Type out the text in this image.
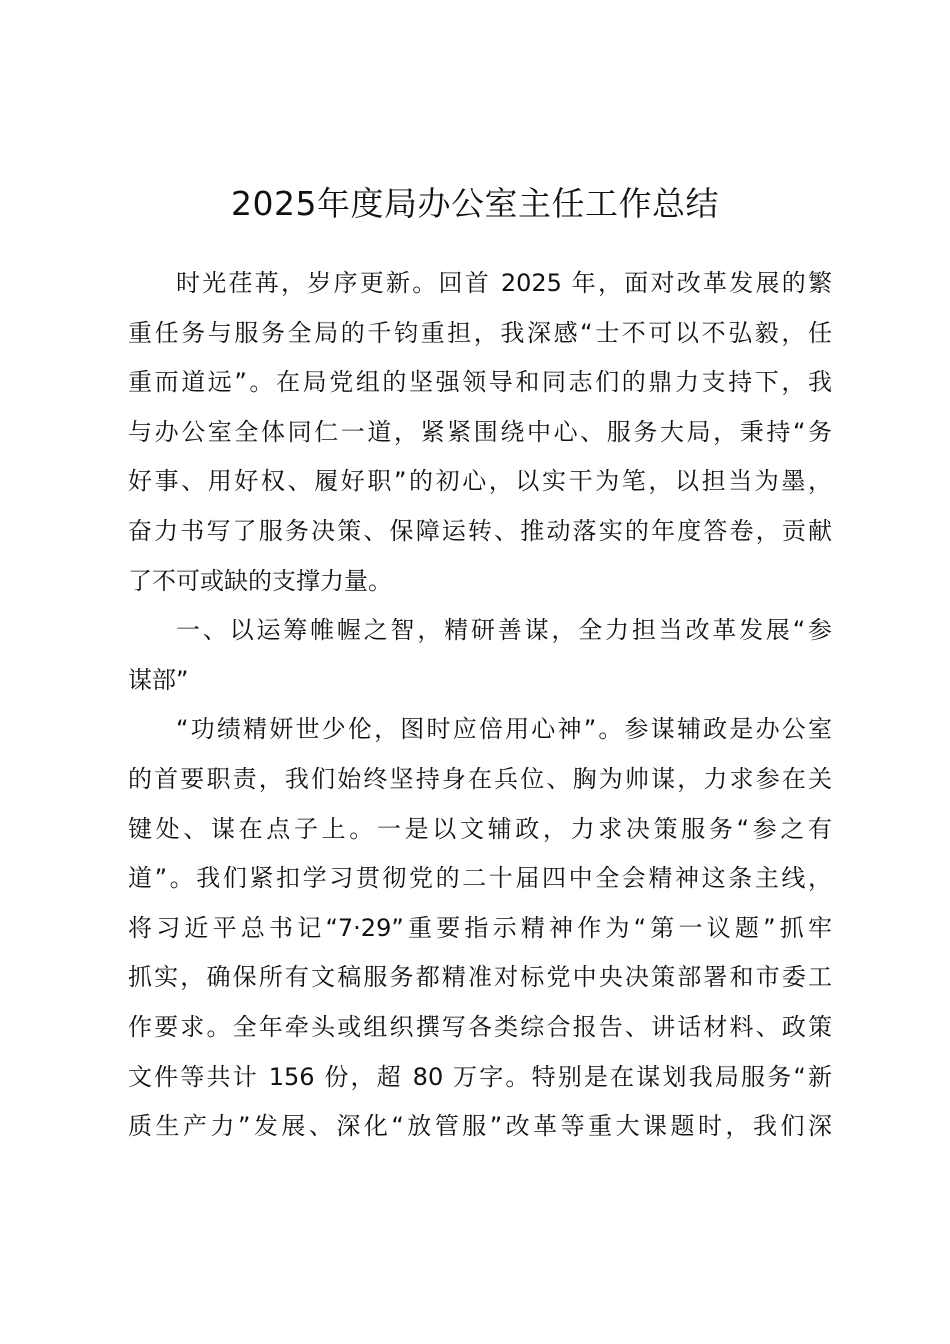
2025年度局办公室主任工作总结
时光荏苒，岁序更新。回首 2025 年，面对改革发展的繁
重任务与服务全局的千钧重担，我深感“士不可以不弘毅，任
重而道远”。在局党组的坚强领导和同志们的鼎力支持下，我
与办公室全体同仁一道，紧紧围绕中心、服务大局，秉持“务
好事、用好权、履好职”的初心，以实干为笔，以担当为墨，
奋力书写了服务决策、保障运转、推动落实的年度答卷，贡献
了不可或缺的支撑力量。
一、以运筹帷幄之智，精研善谋，全力担当改革发展“参
谋部”
“功绩精妍世少伦，图时应倍用心神”。参谋辅政是办公室
的首要职责，我们始终坚持身在兵位、胸为帅谋，力求参在关
键处、谋在点子上。一是以文辅政，力求决策服务“参之有
道”。我们紧扣学习贯彻党的二十届四中全会精神这条主线，
将习近平总书记“7·29”重要指示精神作为“第一议题”抓牢
抓实，确保所有文稿服务都精准对标党中央决策部署和市委工
作要求。全年牵头或组织撰写各类综合报告、讲话材料、政策
文件等共计 156 份，超 80 万字。特别是在谋划我局服务“新
质生产力”发展、深化“放管服”改革等重大课题时，我们深
